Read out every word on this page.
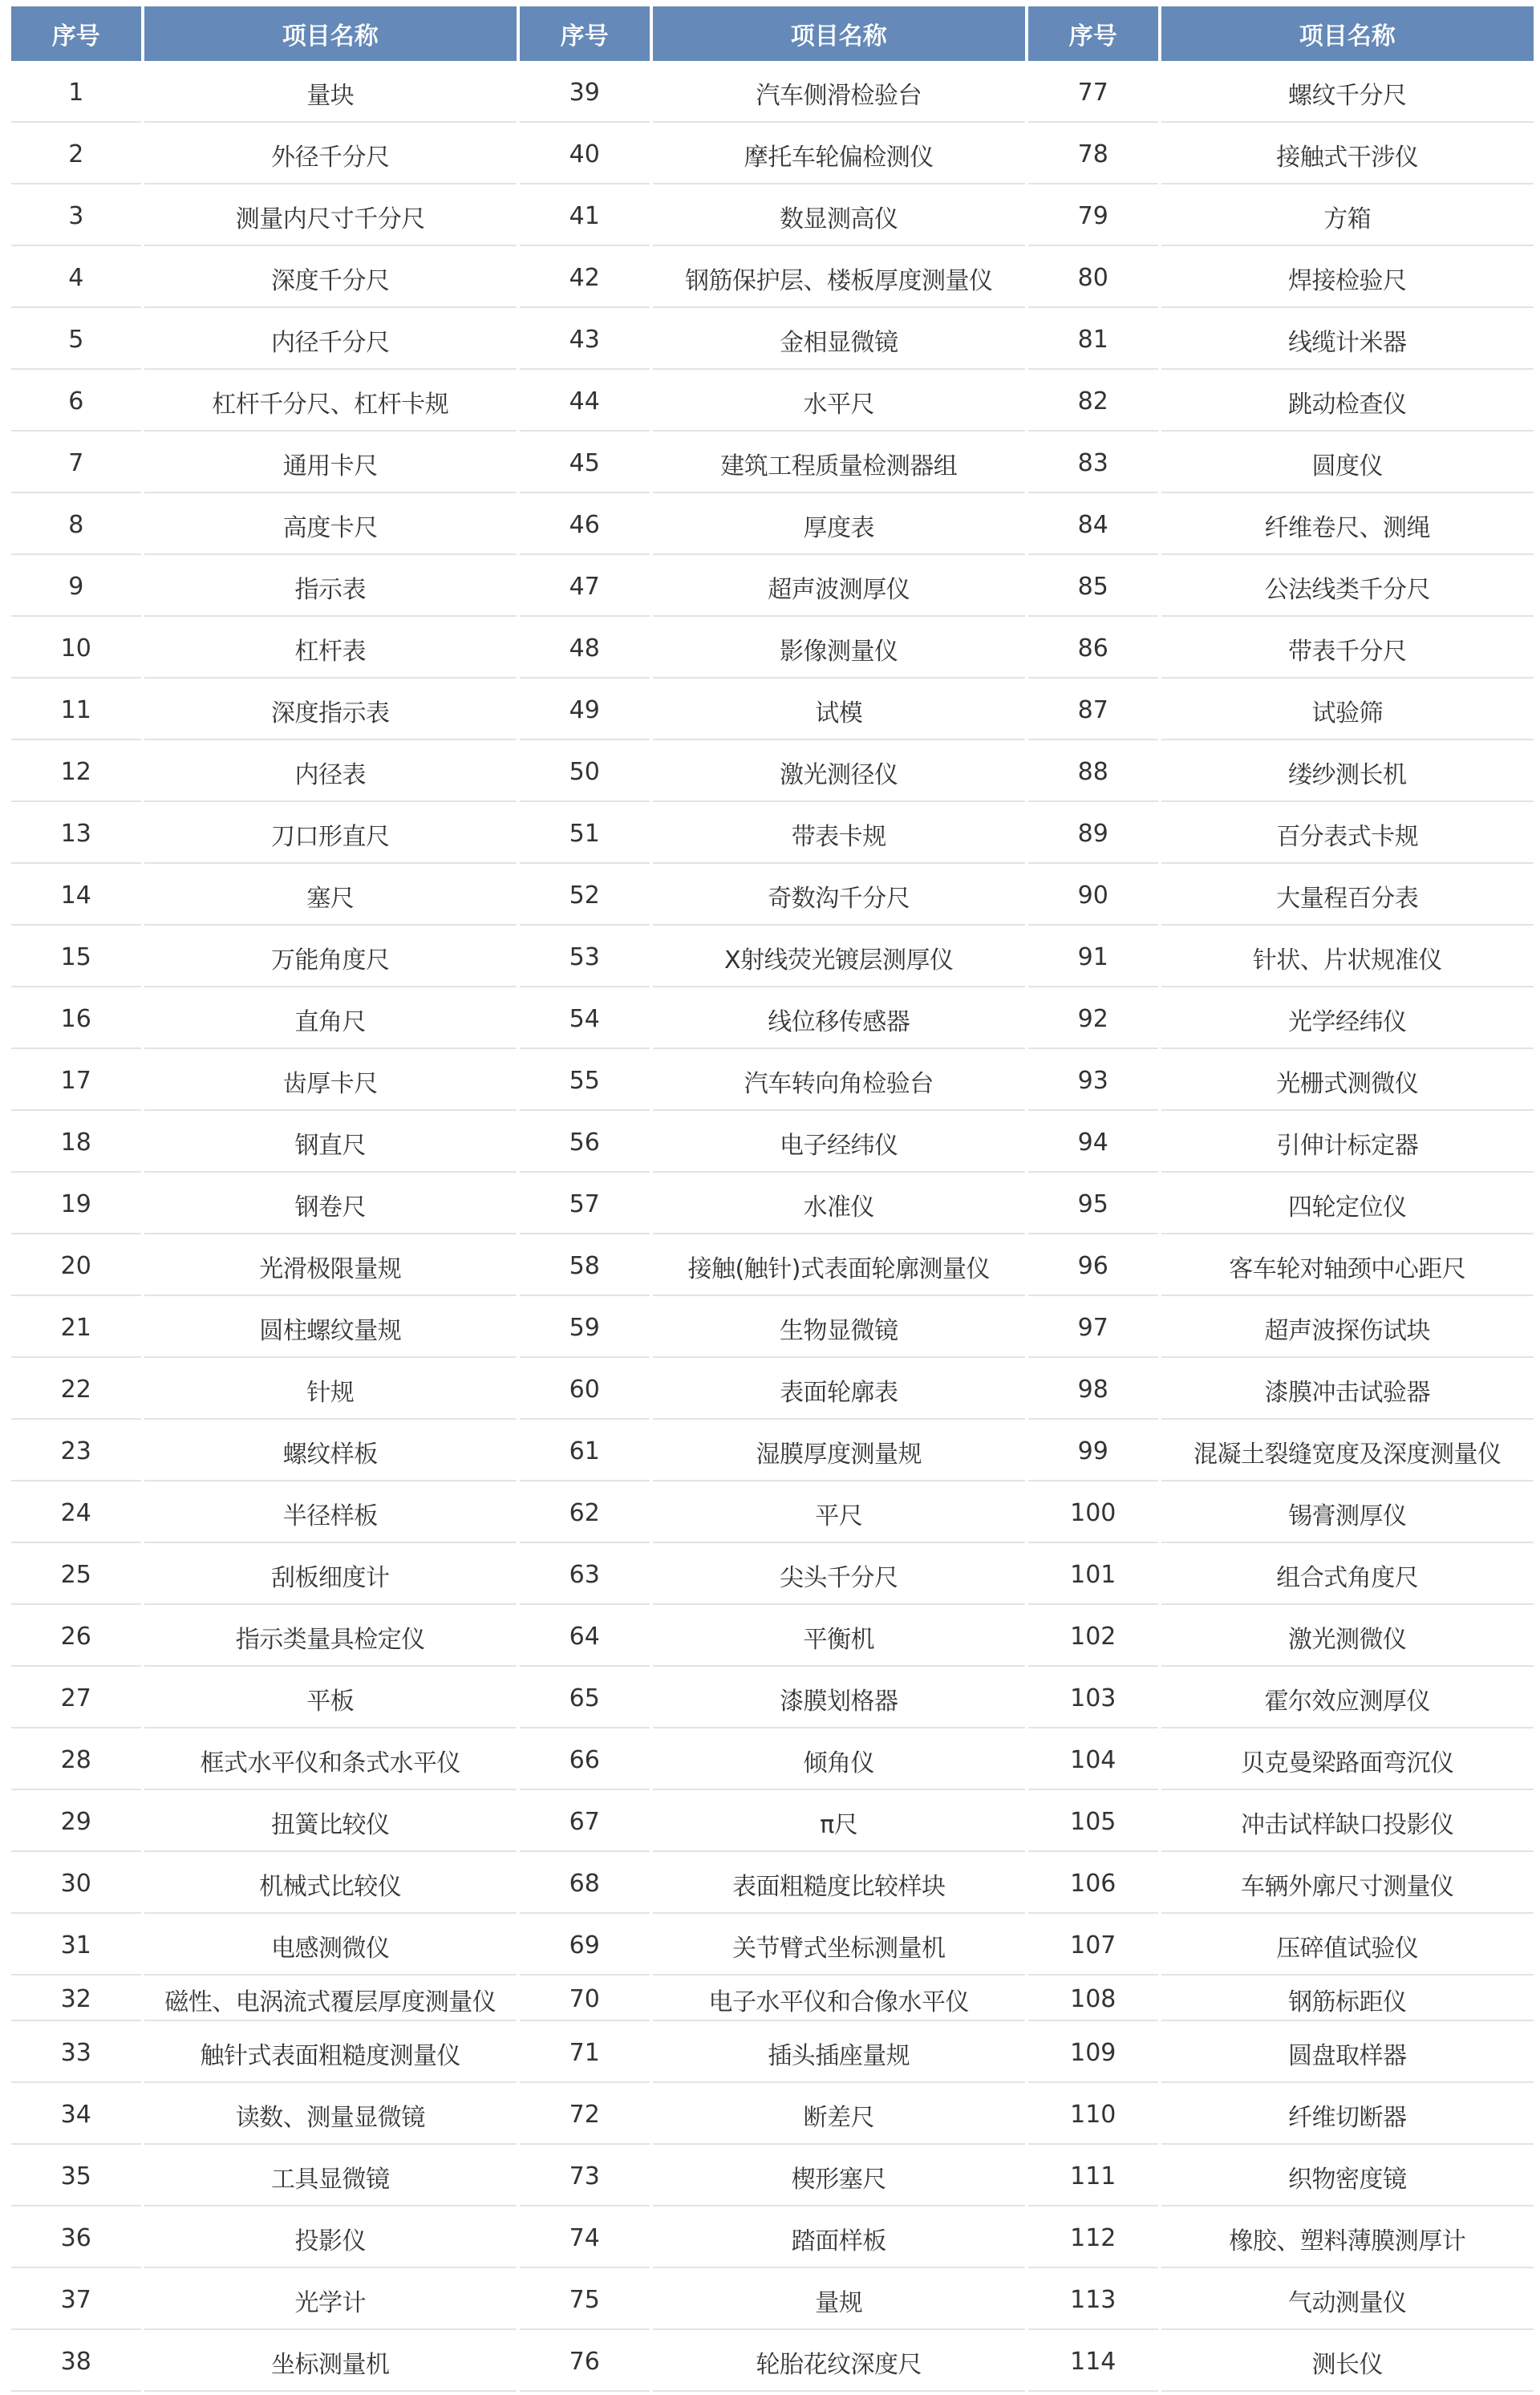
序号	项目名称	序号	项目名称	序号	项目名称
1	量块	39	汽车侧滑检验台	77	螺纹千分尺
2	外径千分尺	40	摩托车轮偏检测仪	78	接触式干涉仪
3	测量内尺寸千分尺	41	数显测高仪	79	方箱
4	深度千分尺	42	钢筋保护层、楼板厚度测量仪	80	焊接检验尺
5	内径千分尺	43	金相显微镜	81	线缆计米器
6	杠杆千分尺、杠杆卡规	44	水平尺	82	跳动检查仪
7	通用卡尺	45	建筑工程质量检测器组	83	圆度仪
8	高度卡尺	46	厚度表	84	纤维卷尺、测绳
9	指示表	47	超声波测厚仪	85	公法线类千分尺
10	杠杆表	48	影像测量仪	86	带表千分尺
11	深度指示表	49	试模	87	试验筛
12	内径表	50	激光测径仪	88	缕纱测长机
13	刀口形直尺	51	带表卡规	89	百分表式卡规
14	塞尺	52	奇数沟千分尺	90	大量程百分表
15	万能角度尺	53	X射线荧光镀层测厚仪	91	针状、片状规准仪
16	直角尺	54	线位移传感器	92	光学经纬仪
17	齿厚卡尺	55	汽车转向角检验台	93	光栅式测微仪
18	钢直尺	56	电子经纬仪	94	引伸计标定器
19	钢卷尺	57	水准仪	95	四轮定位仪
20	光滑极限量规	58	接触(触针)式表面轮廓测量仪	96	客车轮对轴颈中心距尺
21	圆柱螺纹量规	59	生物显微镜	97	超声波探伤试块
22	针规	60	表面轮廓表	98	漆膜冲击试验器
23	螺纹样板	61	湿膜厚度测量规	99	混凝土裂缝宽度及深度测量仪
24	半径样板	62	平尺	100	锡膏测厚仪
25	刮板细度计	63	尖头千分尺	101	组合式角度尺
26	指示类量具检定仪	64	平衡机	102	激光测微仪
27	平板	65	漆膜划格器	103	霍尔效应测厚仪
28	框式水平仪和条式水平仪	66	倾角仪	104	贝克曼梁路面弯沉仪
29	扭簧比较仪	67	π尺	105	冲击试样缺口投影仪
30	机械式比较仪	68	表面粗糙度比较样块	106	车辆外廓尺寸测量仪
31	电感测微仪	69	关节臂式坐标测量机	107	压碎值试验仪
32	磁性、电涡流式覆层厚度测量仪	70	电子水平仪和合像水平仪	108	钢筋标距仪
33	触针式表面粗糙度测量仪	71	插头插座量规	109	圆盘取样器
34	读数、测量显微镜	72	断差尺	110	纤维切断器
35	工具显微镜	73	楔形塞尺	111	织物密度镜
36	投影仪	74	踏面样板	112	橡胶、塑料薄膜测厚计
37	光学计	75	量规	113	气动测量仪
38	坐标测量机	76	轮胎花纹深度尺	114	测长仪
